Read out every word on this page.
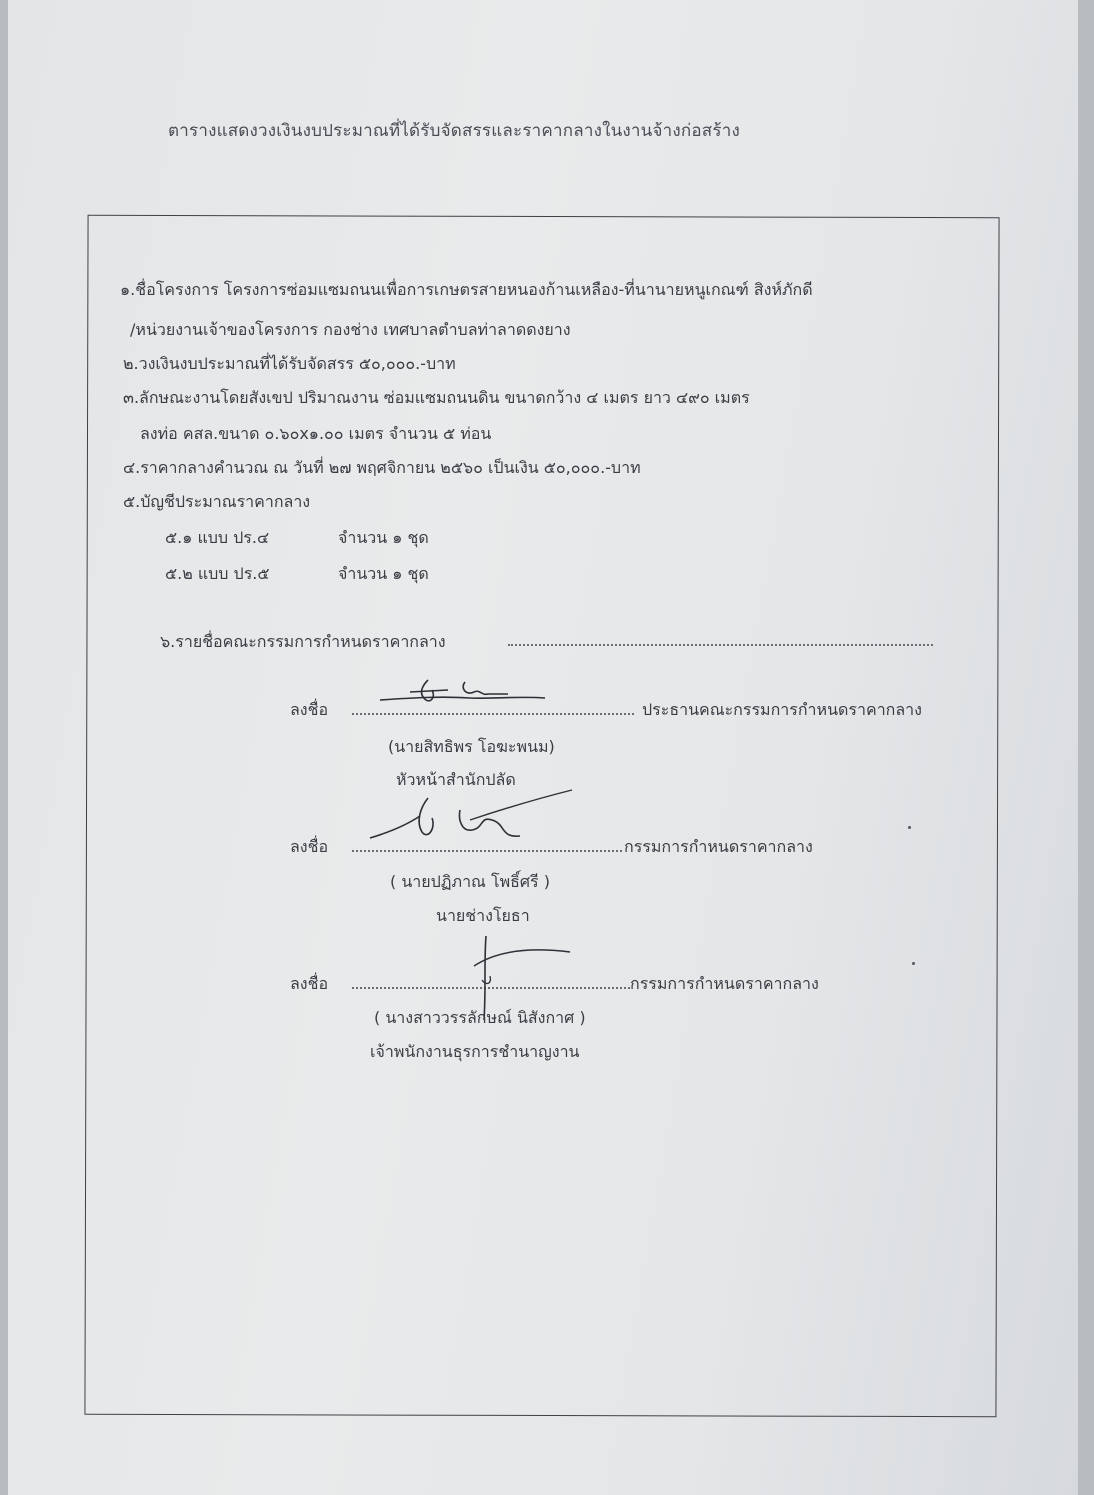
ตารางแสดงวงเงินงบประมาณที่ได้รับจัดสรรและราคากลางในงานจ้างก่อสร้าง
๑.ชื่อโครงการ โครงการซ่อมแซมถนนเพื่อการเกษตรสายหนองก้านเหลือง-ที่นานายหนูเกณฑ์ สิงห์ภักดี
/หน่วยงานเจ้าของโครงการ กองช่าง เทศบาลตำบลท่าลาดดงยาง
๒.วงเงินงบประมาณที่ได้รับจัดสรร ๕๐,๐๐๐.-บาท
๓.ลักษณะงานโดยสังเขป ปริมาณงาน ซ่อมแซมถนนดิน ขนาดกว้าง ๔ เมตร ยาว ๔๙๐ เมตร
ลงท่อ คสล.ขนาด ๐.๖๐x๑.๐๐ เมตร จำนวน ๕ ท่อน
๔.ราคากลางคำนวณ ณ วันที่ ๒๗ พฤศจิกายน ๒๕๖๐ เป็นเงิน ๕๐,๐๐๐.-บาท
๕.บัญชีประมาณราคากลาง
๕.๑ แบบ ปร.๔	จำนวน ๑ ชุด
๕.๒ แบบ ปร.๕	จำนวน ๑ ชุด
๖.รายชื่อคณะกรรมการกำหนดราคากลาง
ลงชื่อ	ประธานคณะกรรมการกำหนดราคากลาง
(นายสิทธิพร โอฆะพนม)
หัวหน้าสำนักปลัด
ลงชื่อ	กรรมการกำหนดราคากลาง
( นายปฏิภาณ โพธิ์ศรี )
นายช่างโยธา
ลงชื่อ	กรรมการกำหนดราคากลาง
( นางสาววรรลักษณ์ นิสังกาศ )
เจ้าพนักงานธุรการชำนาญงาน
